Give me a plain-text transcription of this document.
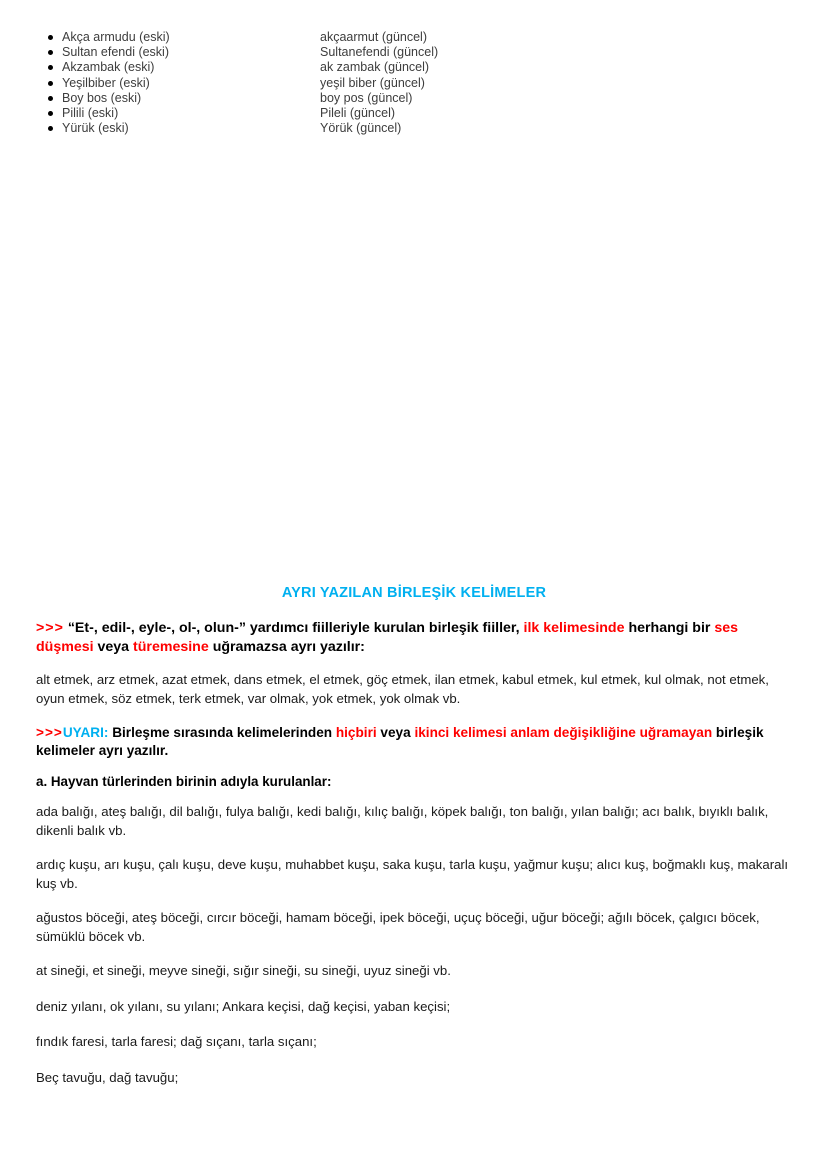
Akça armudu (eski)	akçaarmut (güncel)
Sultan efendi (eski)	Sultanefendi (güncel)
Akzambak (eski)	ak zambak (güncel)
Yeşilbiber (eski)	yeşil biber (güncel)
Boy bos (eski)	boy pos (güncel)
Pilili (eski)	Pileli (güncel)
Yürük (eski)	Yörük (güncel)
AYRI YAZILAN BİRLEŞİK KELİMELER

>>> “Et-, edil-, eyle-, ol-, olun-” yardımcı fiilleriyle kurulan birleşik fiiller, ilk kelimesinde herhangi bir ses düşmesi veya türemesine uğramazsa ayrı yazılır:

alt etmek, arz etmek, azat etmek, dans etmek, el etmek, göç etmek, ilan etmek, kabul etmek, kul etmek, kul olmak, not etmek, oyun etmek, söz etmek, terk etmek, var olmak, yok etmek, yok olmak vb.

>>>UYARI: Birleşme sırasında kelimelerinden hiçbiri veya ikinci kelimesi anlam değişikliğine uğramayan birleşik kelimeler ayrı yazılır.

a. Hayvan türlerinden birinin adıyla kurulanlar:

ada balığı, ateş balığı, dil balığı, fulya balığı, kedi balığı, kılıç balığı, köpek balığı, ton balığı, yılan balığı; acı balık, bıyıklı balık, dikenli balık vb.

ardıç kuşu, arı kuşu, çalı kuşu, deve kuşu, muhabbet kuşu, saka kuşu, tarla kuşu, yağmur kuşu; alıcı kuş, boğmaklı kuş, makaralı kuş vb.

ağustos böceği, ateş böceği, cırcır böceği, hamam böceği, ipek böceği, uçuç böceği, uğur böceği; ağılı böcek, çalgıcı böcek, sümüklü böcek vb.

at sineği, et sineği, meyve sineği, sığır sineği, su sineği, uyuz sineği vb.

deniz yılanı, ok yılanı, su yılanı; Ankara keçisi, dağ keçisi, yaban keçisi;

fındık faresi, tarla faresi; dağ sıçanı, tarla sıçanı;

Beç tavuğu, dağ tavuğu;
